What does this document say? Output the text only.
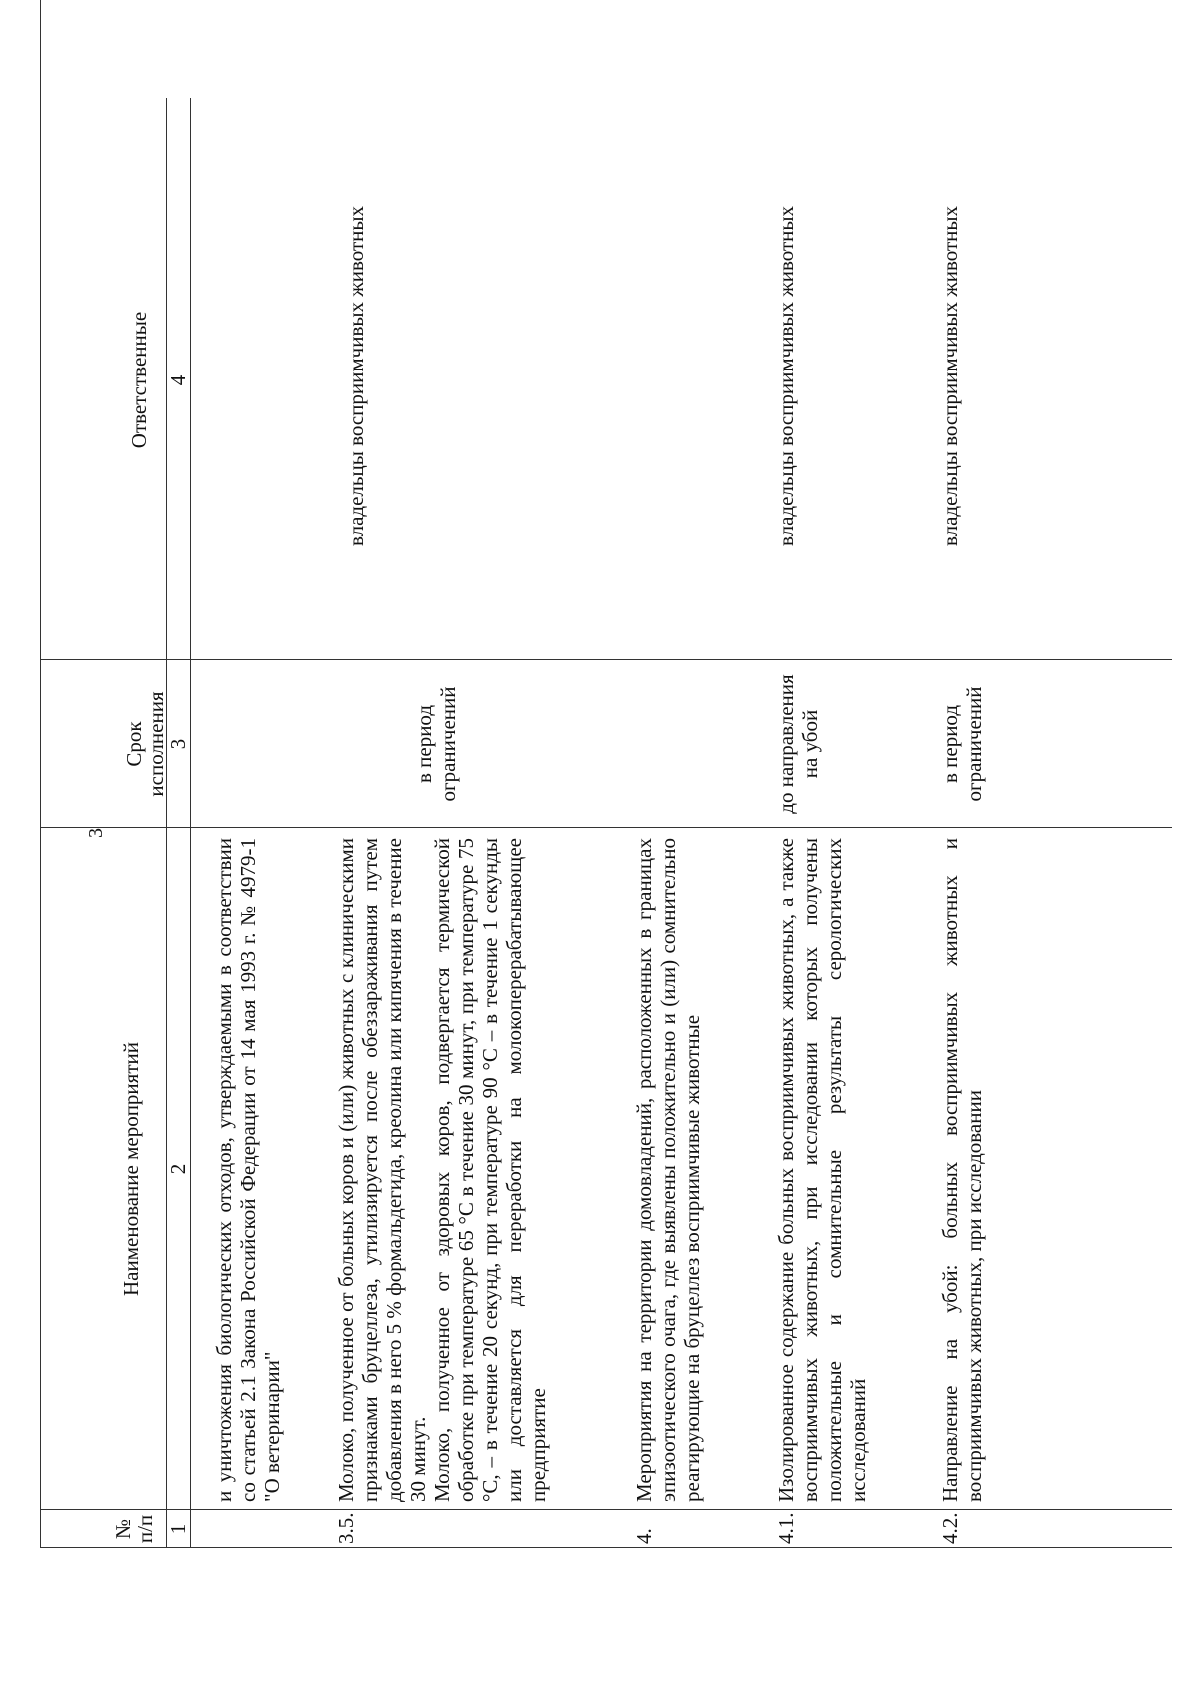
3
№
п/п
Наименование мероприятий
Срок
исполнения
Ответственные
1
2
3
4

и уничтожения биологических отходов, утверждаемыми в соответствии со статьей 2.1 Закона Российской Федерации от 14 мая 1993 г. № 4979-1 "О ветеринарии"

3.5.

Молоко, полученное от больных коров и (или) животных с клиническими признаками бруцеллеза, утилизируется после обеззараживания путем добавления в него 5 % формальдегида, креолина или кипячения в течение 30 минут. Молоко, полученное от здоровых коров, подвергается термической обработке при температуре 65 °С в течение 30 минут, при температуре 75 °С, – в течение 20 секунд, при температуре 90 °С – в течение 1 секунды или доставляется для переработки на молокоперерабатывающее предприятие

в период ограничений
владельцы восприимчивых животных
4.

Мероприятия на территории домовладений, расположенных в границах эпизоотического очага, где выявлены положительно и (или) сомнительно реагирующие на бруцеллез восприимчивые животные

4.1.

Изолированное содержание больных восприимчивых животных, а также восприимчивых животных, при исследовании которых получены положительные и сомнительные результаты серологических исследований

до направления на убой
владельцы восприимчивых животных
4.2.

Направление на убой: больных восприимчивых животных и восприимчивых животных, при исследовании

в период ограничений
владельцы восприимчивых животных
